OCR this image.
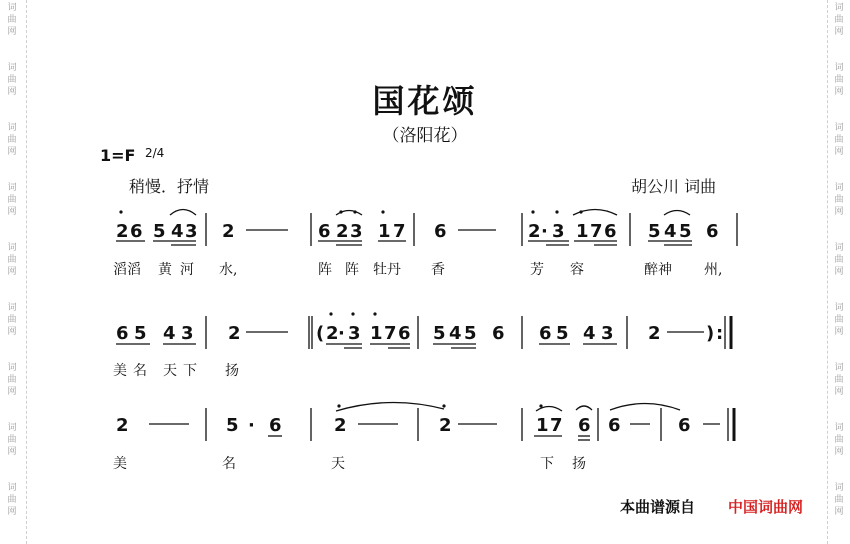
词曲网
词曲网
词曲网
词曲网
词曲网
词曲网
词曲网
词曲网
词曲网
词曲网
词曲网
词曲网
词曲网
词曲网
词曲网
词曲网
词曲网
词曲网
国花颂
（洛阳花）
1=F 2/4
稍慢．抒情	胡公川 词曲
2 6 5 4 3 2	6 2 3 1 7 6	2 · 3 1 7 6 5 4 5 6
6 5 4 3 2	( 2 · 3 1 7 6 5 4 5 6 6 5 4 3 2	) :
2	5 · 6	2	2	1 7 6 6	6
滔滔 黄 河 水,	阵 阵 牡丹 香	芳 容	醉神 州,
美名 天下 扬
美	名	天	下 扬
本曲谱源自 中国词曲网
